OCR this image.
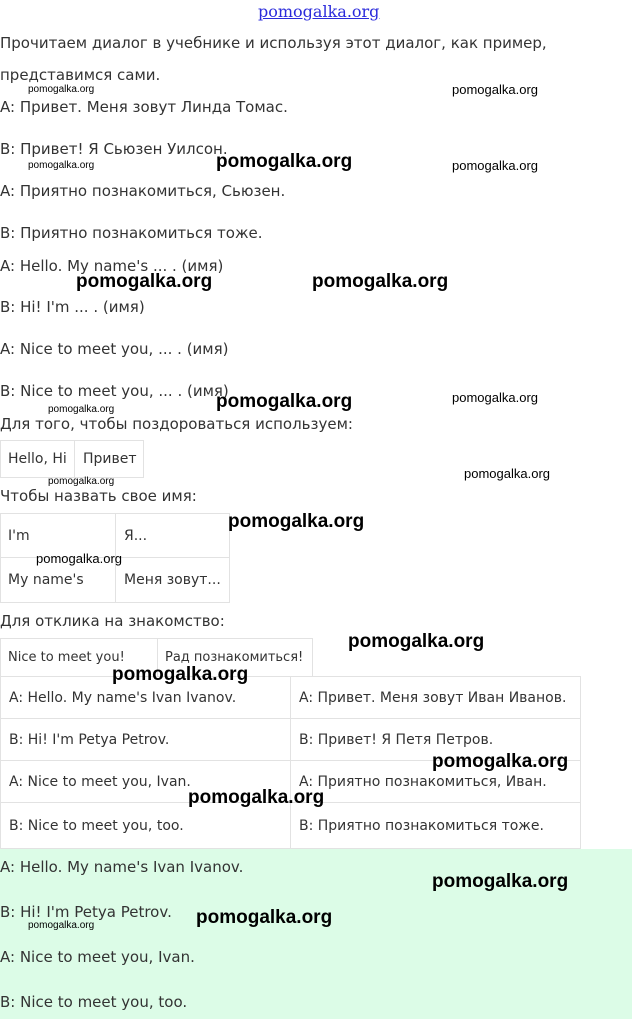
pomogalka.org
Прочитаем диалог в учебнике и используя этот диалог, как пример,
представимся сами.
A: Привет. Меня зовут Линда Томас.
B: Привет! Я Сьюзен Уилсон.
A: Приятно познакомиться, Сьюзен.
B: Приятно познакомиться тоже.
A: Hello. My name's ... . (имя)
B: Hi! I'm ... . (имя)
A: Nice to meet you, ... . (имя)
B: Nice to meet you, ... . (имя)
Для того, чтобы поздороваться используем:
Hello, Hi	Привет
Чтобы назвать свое имя:
I'm	Я...
My name's	Меня зовут...
Для отклика на знакомство:
Nice to meet you!	Рад познакомиться!
A: Hello. My name's Ivan Ivanov.	A: Привет. Меня зовут Иван Иванов.
B: Hi! I'm Petya Petrov.	B: Привет! Я Петя Петров.
A: Nice to meet you, Ivan.	A: Приятно познакомиться, Иван.
B: Nice to meet you, too.	B: Приятно познакомиться тоже.
A: Hello. My name's Ivan Ivanov.
B: Hi! I'm Petya Petrov.
A: Nice to meet you, Ivan.
B: Nice to meet you, too.
pomogalka.org	pomogalka.org
pomogalka.org	pomogalka.org	pomogalka.org
pomogalka.org	pomogalka.org
pomogalka.org	pomogalka.org
pomogalka.org
pomogalka.org
pomogalka.org
pomogalka.org
pomogalka.org
pomogalka.org
pomogalka.org
pomogalka.org
pomogalka.org
pomogalka.org
pomogalka.org
pomogalka.org
